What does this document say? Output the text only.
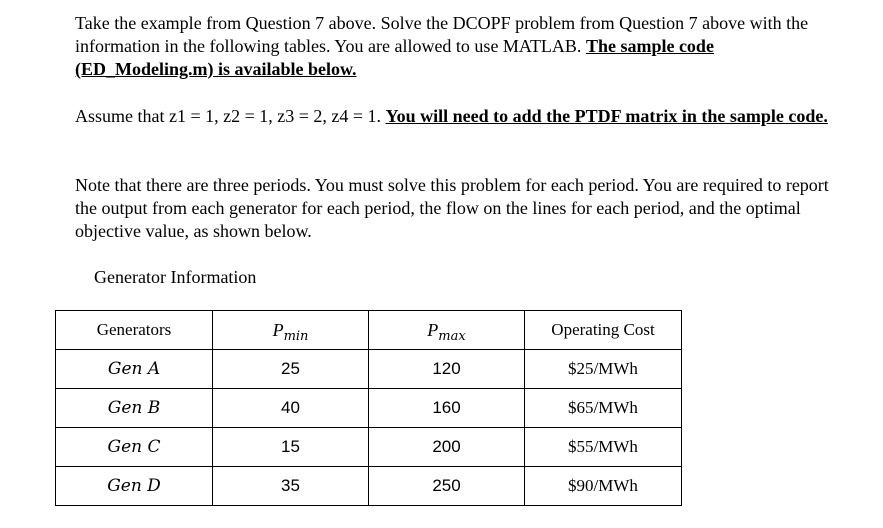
Take the example from Question 7 above. Solve the DCOPF problem from Question 7 above with the information in the following tables. You are allowed to use MATLAB. The sample code (ED_Modeling.m) is available below.

Assume that z1 = 1, z2 = 1, z3 = 2, z4 = 1. You will need to add the PTDF matrix in the sample code.

Note that there are three periods. You must solve this problem for each period. You are required to report the output from each generator for each period, the flow on the lines for each period, and the optimal objective value, as shown below.

Generator Information
Generators	$P_{min}$	$P_{max}$	Operating Cost
Gen A	25	120	$25/MWh
Gen B	40	160	$65/MWh
Gen C	15	200	$55/MWh
Gen D	35	250	$90/MWh
